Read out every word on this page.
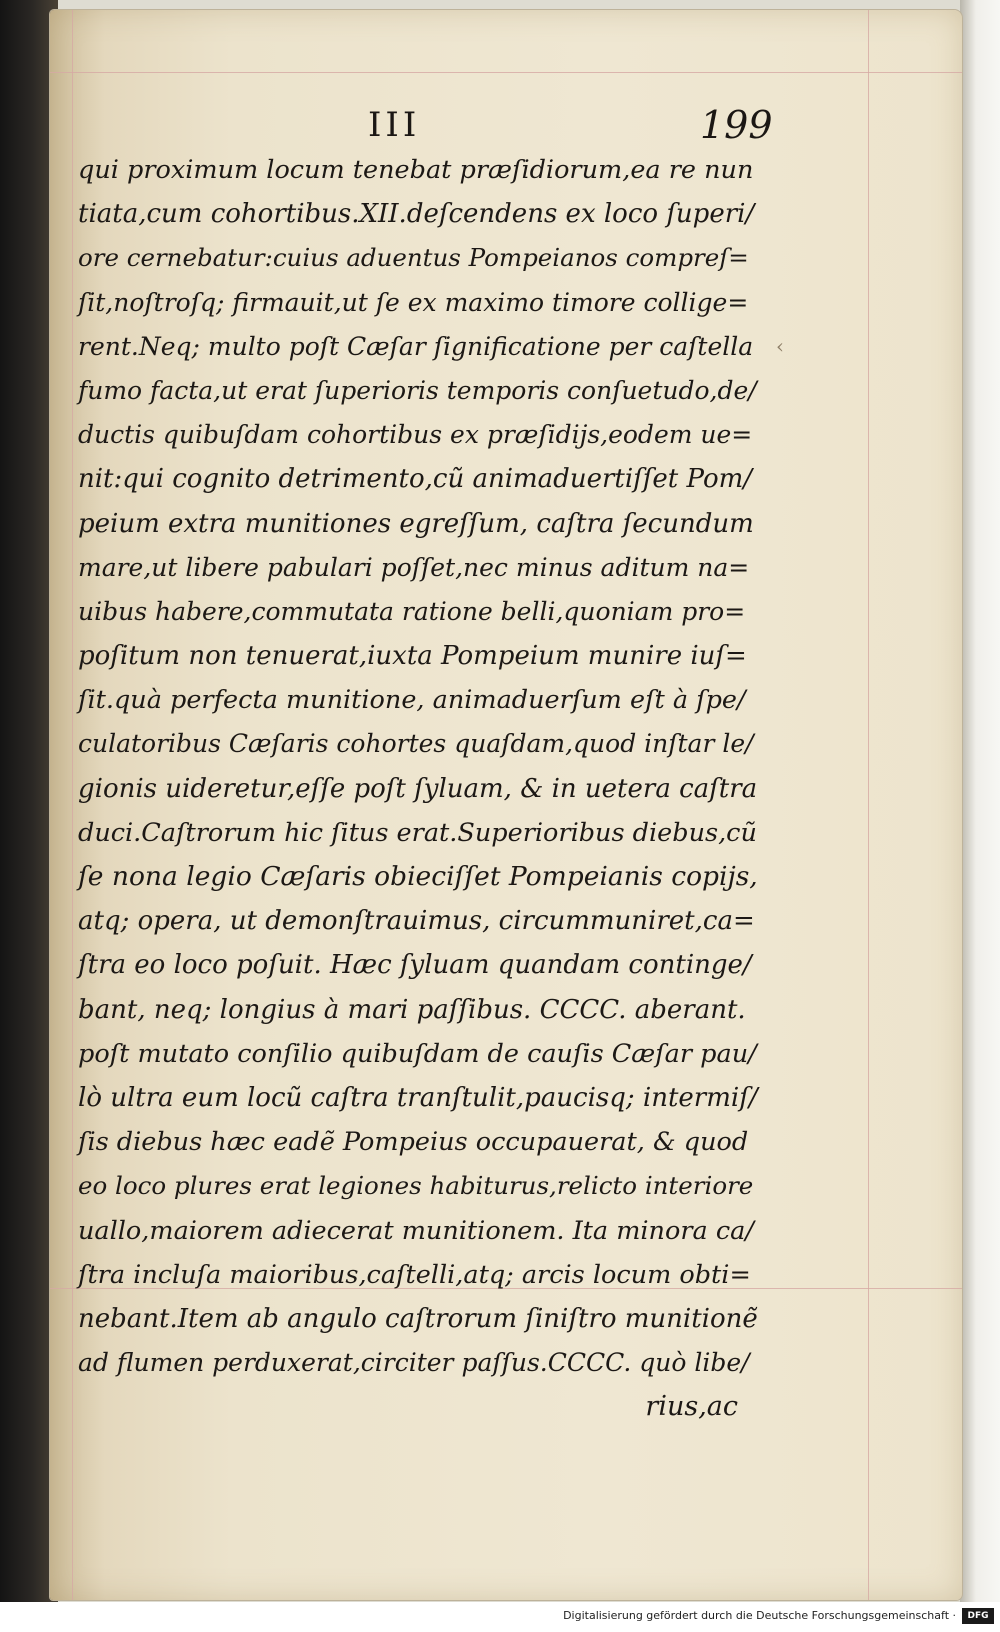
III	199
‹
qui proximum locum tenebat præſidiorum,ea re nun
tiata,cum cohortibus.XII.deſcendens ex loco ſuperi/
ore cernebatur:cuius aduentus Pompeianos compreſ=
ſit,noſtroſq; firmauit,ut ſe ex maximo timore collige=
rent.Neq; multo poſt Cæſar ſignificatione per caſtella
fumo facta,ut erat ſuperioris temporis conſuetudo,de/
ductis quibuſdam cohortibus ex præſidijs,eodem ue=
nit:qui cognito detrimento,cũ animaduertiſſet Pom/
peium extra munitiones egreſſum, caſtra ſecundum
mare,ut libere pabulari poſſet,nec minus aditum na=
uibus habere,commutata ratione belli,quoniam pro=
poſitum non tenuerat,iuxta Pompeium munire iuſ=
ſit.quà perfecta munitione, animaduerſum eſt à ſpe/
culatoribus Cæſaris cohortes quaſdam,quod inſtar le/
gionis uideretur,eſſe poſt ſyluam, & in uetera caſtra
duci.Caſtrorum hic ſitus erat.Superioribus diebus,cũ
ſe nona legio Cæſaris obieciſſet Pompeianis copijs,
atq; opera, ut demonſtrauimus, circummuniret,ca=
ſtra eo loco poſuit. Hæc ſyluam quandam continge/
bant, neq; longius à mari paſſibus. CCCC. aberant.
poſt mutato conſilio quibuſdam de cauſis Cæſar pau/
lò ultra eum locũ caſtra tranſtulit,paucisq; intermiſ/
ſis diebus hæc eadẽ Pompeius occupauerat, & quod
eo loco plures erat legiones habiturus,relicto interiore
uallo,maiorem adiecerat munitionem. Ita minora ca/
ſtra incluſa maioribus,caſtelli,atq; arcis locum obti=
nebant.Item ab angulo caſtrorum ſiniſtro munitionẽ
ad flumen perduxerat,circiter paſſus.CCCC. quò libe/
rius,ac
Digitalisierung gefördert durch die Deutsche Forschungsgemeinschaft ·	DFG
